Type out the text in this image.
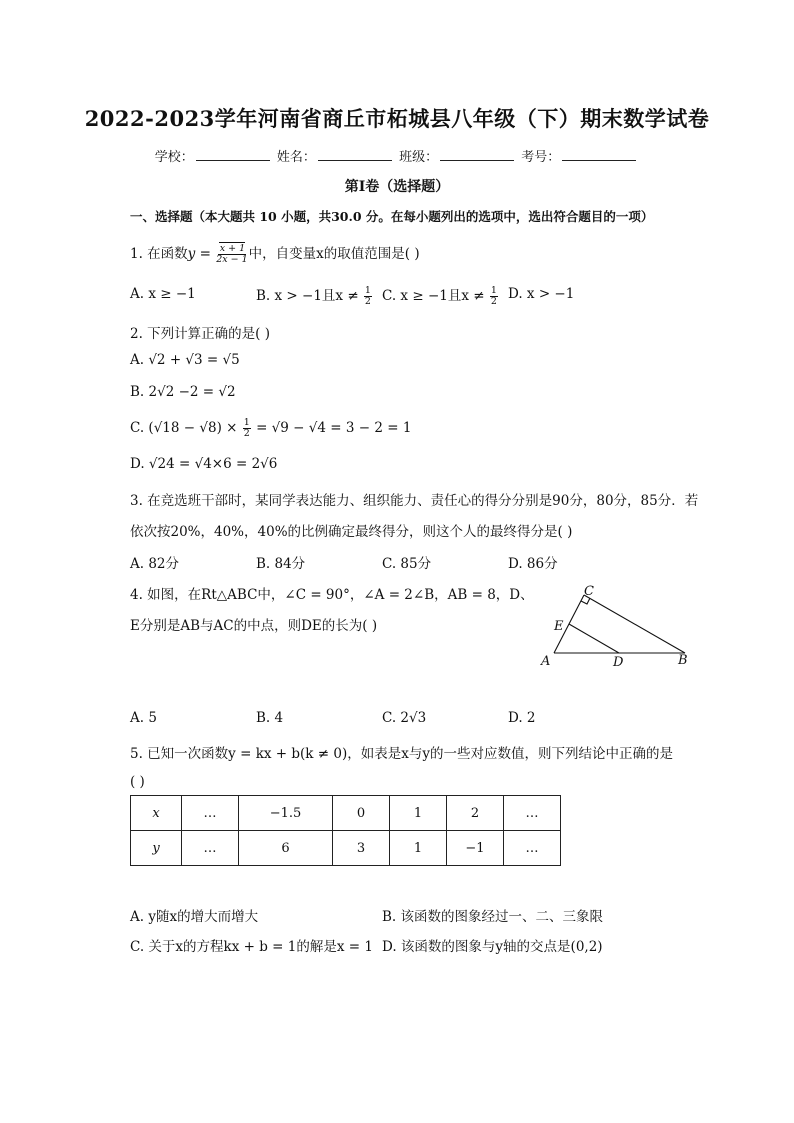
2022-2023学年河南省商丘市柘城县八年级（下）期末数学试卷
学校：	姓名：	班级：	考号：
第I卷（选择题）
一、选择题（本大题共 10 小题，共30.0 分。在每小题列出的选项中，选出符合题目的一项）
1. 在函数$y = \frac{x + 1}{2x - 1}$ 中，自变量x的取值范围是( )
A. x ≥ −1	B. x > −1且$x \ne \frac{1}{2} C$. x ≥ −1且$x \ne \frac{1}{2} D$. x > −1
2. 下列计算正确的是( )
A. √2 + √3 = √5
B. 2√2 −2 = √2
C. $(√18 - √8) \times \frac{1}{2} = √9 - √4 = 3 - 2 = 1$
D. √24 = √4×6 = 2√6
3. 在竞选班干部时，某同学表达能力、组织能力、责任心的得分分别是90分，80分，85分．若
依次按20%，40%，40%的比例确定最终得分，则这个人的最终得分是( )
A. 82分	B. 84分	C. 85分	D. 86分
4. 如图，在Rt△ABC中，∠C = 90°，∠A = 2∠B，AB = 8，D、
E分别是AB与AC的中点，则DE的长为( )
C
E
A	D	B
A. 5	B. 4	C. 2√3	D. 2
5. 已知一次函数y = kx + b(k ≠ 0)，如表是x与y的一些对应数值，则下列结论中正确的是
( )
x	…	−1.5	0	1	2	…
y	…	6	3	1	−1	…
A. y随x的增大而增大	B. 该函数的图象经过一、二、三象限
C. 关于x的方程kx + b = 1的解是x = 1 D. 该函数的图象与y轴的交点是(0,2)
